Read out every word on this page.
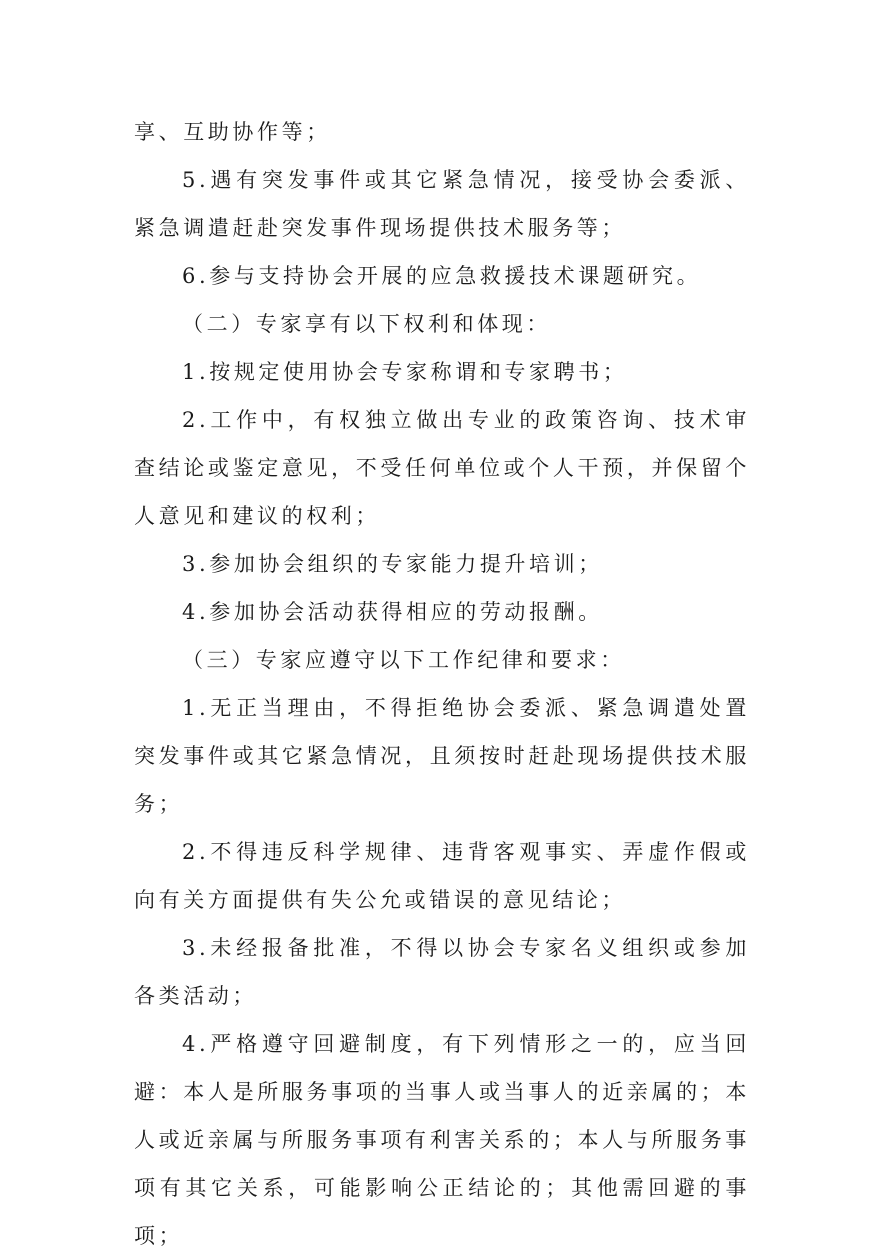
享、互助协作等；

5.遇有突发事件或其它紧急情况，接受协会委派、紧急调遣赶赴突发事件现场提供技术服务等；

6.参与支持协会开展的应急救援技术课题研究。

（二）专家享有以下权利和体现：

1.按规定使用协会专家称谓和专家聘书；

2.工作中，有权独立做出专业的政策咨询、技术审查结论或鉴定意见，不受任何单位或个人干预，并保留个人意见和建议的权利；

3.参加协会组织的专家能力提升培训；

4.参加协会活动获得相应的劳动报酬。

（三）专家应遵守以下工作纪律和要求：

1.无正当理由，不得拒绝协会委派、紧急调遣处置突发事件或其它紧急情况，且须按时赶赴现场提供技术服务；

2.不得违反科学规律、违背客观事实、弄虚作假或向有关方面提供有失公允或错误的意见结论；

3.未经报备批准，不得以协会专家名义组织或参加各类活动；

4.严格遵守回避制度，有下列情形之一的，应当回避：本人是所服务事项的当事人或当事人的近亲属的；本人或近亲属与所服务事项有利害关系的；本人与所服务事项有其它关系，可能影响公正结论的；其他需回避的事项；
